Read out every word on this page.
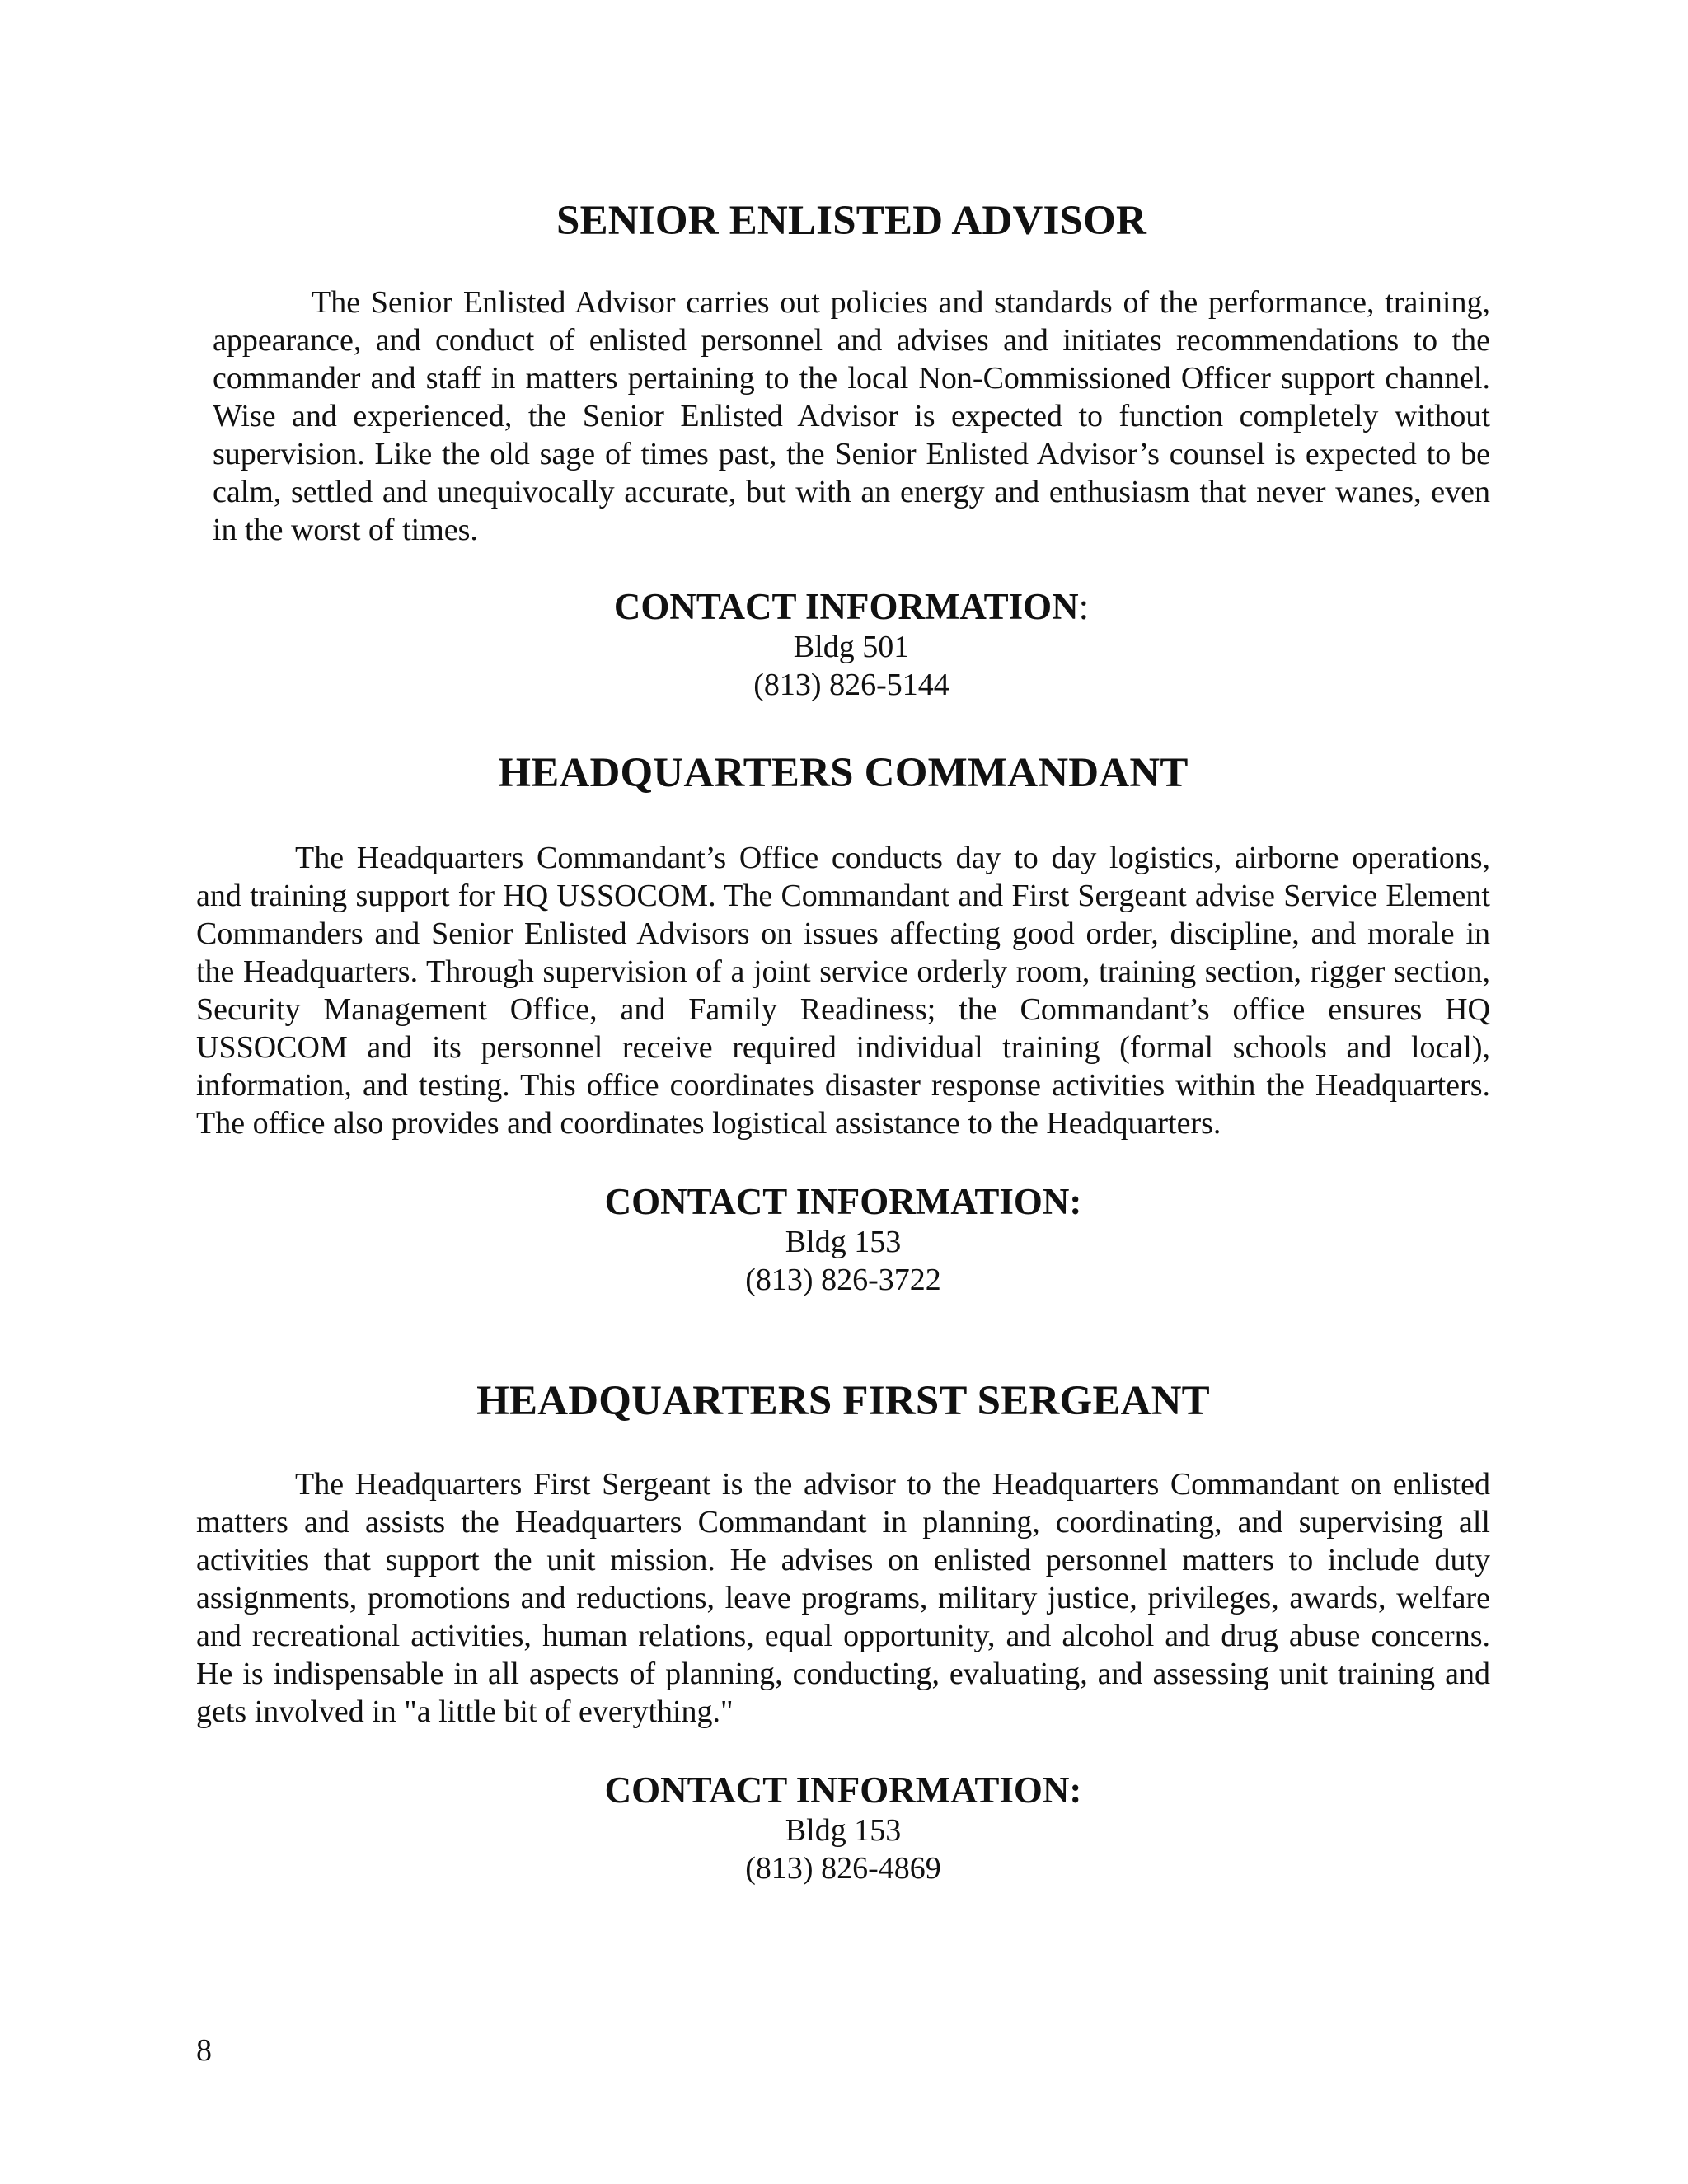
SENIOR ENLISTED ADVISOR

The Senior Enlisted Advisor carries out policies and standards of the performance, training, appearance, and conduct of enlisted personnel and advises and initiates recommendations to the commander and staff in matters pertaining to the local Non-Commissioned Officer support channel. Wise and experienced, the Senior Enlisted Advisor is expected to function completely without supervision. Like the old sage of times past, the Senior Enlisted Advisor’s counsel is expected to be calm, settled and unequivocally accurate, but with an energy and enthusiasm that never wanes, even in the worst of times.

CONTACT INFORMATION:

Bldg 501

(813) 826-5144

HEADQUARTERS COMMANDANT

The Headquarters Commandant’s Office conducts day to day logistics, airborne operations, and training support for HQ USSOCOM. The Commandant and First Sergeant advise Service Element Commanders and Senior Enlisted Advisors on issues affecting good order, discipline, and morale in the Headquarters. Through supervision of a joint service orderly room, training section, rigger section, Security Management Office, and Family Readiness; the Commandant’s office ensures HQ USSOCOM and its personnel receive required individual training (formal schools and local), information, and testing. This office coordinates disaster response activities within the Headquarters. The office also provides and coordinates logistical assistance to the Headquarters.

CONTACT INFORMATION:

Bldg 153

(813) 826-3722

HEADQUARTERS FIRST SERGEANT

The Headquarters First Sergeant is the advisor to the Headquarters Commandant on enlisted matters and assists the Headquarters Commandant in planning, coordinating, and supervising all activities that support the unit mission. He advises on enlisted personnel matters to include duty assignments, promotions and reductions, leave programs, military justice, privileges, awards, welfare and recreational activities, human relations, equal opportunity, and alcohol and drug abuse concerns. He is indispensable in all aspects of planning, conducting, evaluating, and assessing unit training and gets involved in "a little bit of everything."

CONTACT INFORMATION:

Bldg 153

(813) 826-4869

8
